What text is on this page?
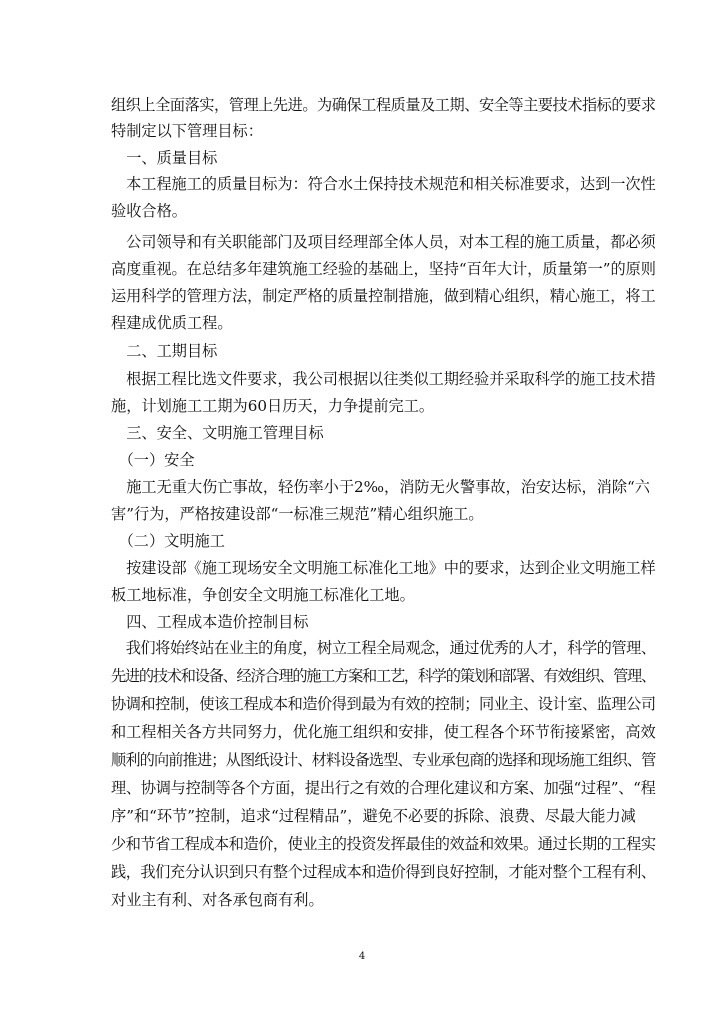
组织上全面落实，管理上先进。为确保工程质量及工期、安全等主要技术指标的要求
特制定以下管理目标：
　一、质量目标
　本工程施工的质量目标为：符合水土保持技术规范和相关标准要求，达到一次性
验收合格。
　公司领导和有关职能部门及项目经理部全体人员，对本工程的施工质量，都必须
高度重视。在总结多年建筑施工经验的基础上，坚持“百年大计，质量第一”的原则
运用科学的管理方法，制定严格的质量控制措施，做到精心组织，精心施工，将工
程建成优质工程。
　二、工期目标
　根据工程比选文件要求，我公司根据以往类似工期经验并采取科学的施工技术措
施，计划施工工期为60日历天，力争提前完工。
　三、安全、文明施工管理目标
　（一）安全
　施工无重大伤亡事故，轻伤率小于2‰，消防无火警事故，治安达标，消除“六
害”行为，严格按建设部“一标准三规范”精心组织施工。
　（二）文明施工
　按建设部《施工现场安全文明施工标准化工地》中的要求，达到企业文明施工样
板工地标准，争创安全文明施工标准化工地。
　四、工程成本造价控制目标
　我们将始终站在业主的角度，树立工程全局观念，通过优秀的人才，科学的管理、
先进的技术和设备、经济合理的施工方案和工艺，科学的策划和部署、有效组织、管理、
协调和控制，使该工程成本和造价得到最为有效的控制；同业主、设计室、监理公司
和工程相关各方共同努力，优化施工组织和安排，使工程各个环节衔接紧密，高效
顺利的向前推进；从图纸设计、材料设备选型、专业承包商的选择和现场施工组织、管
理、协调与控制等各个方面，提出行之有效的合理化建议和方案、加强“过程”、“程
序”和“环节”控制，追求“过程精品”，避免不必要的拆除、浪费、尽最大能力减
少和节省工程成本和造价，使业主的投资发挥最佳的效益和效果。通过长期的工程实
践，我们充分认识到只有整个过程成本和造价得到良好控制，才能对整个工程有利、
对业主有利、对各承包商有利。
4
